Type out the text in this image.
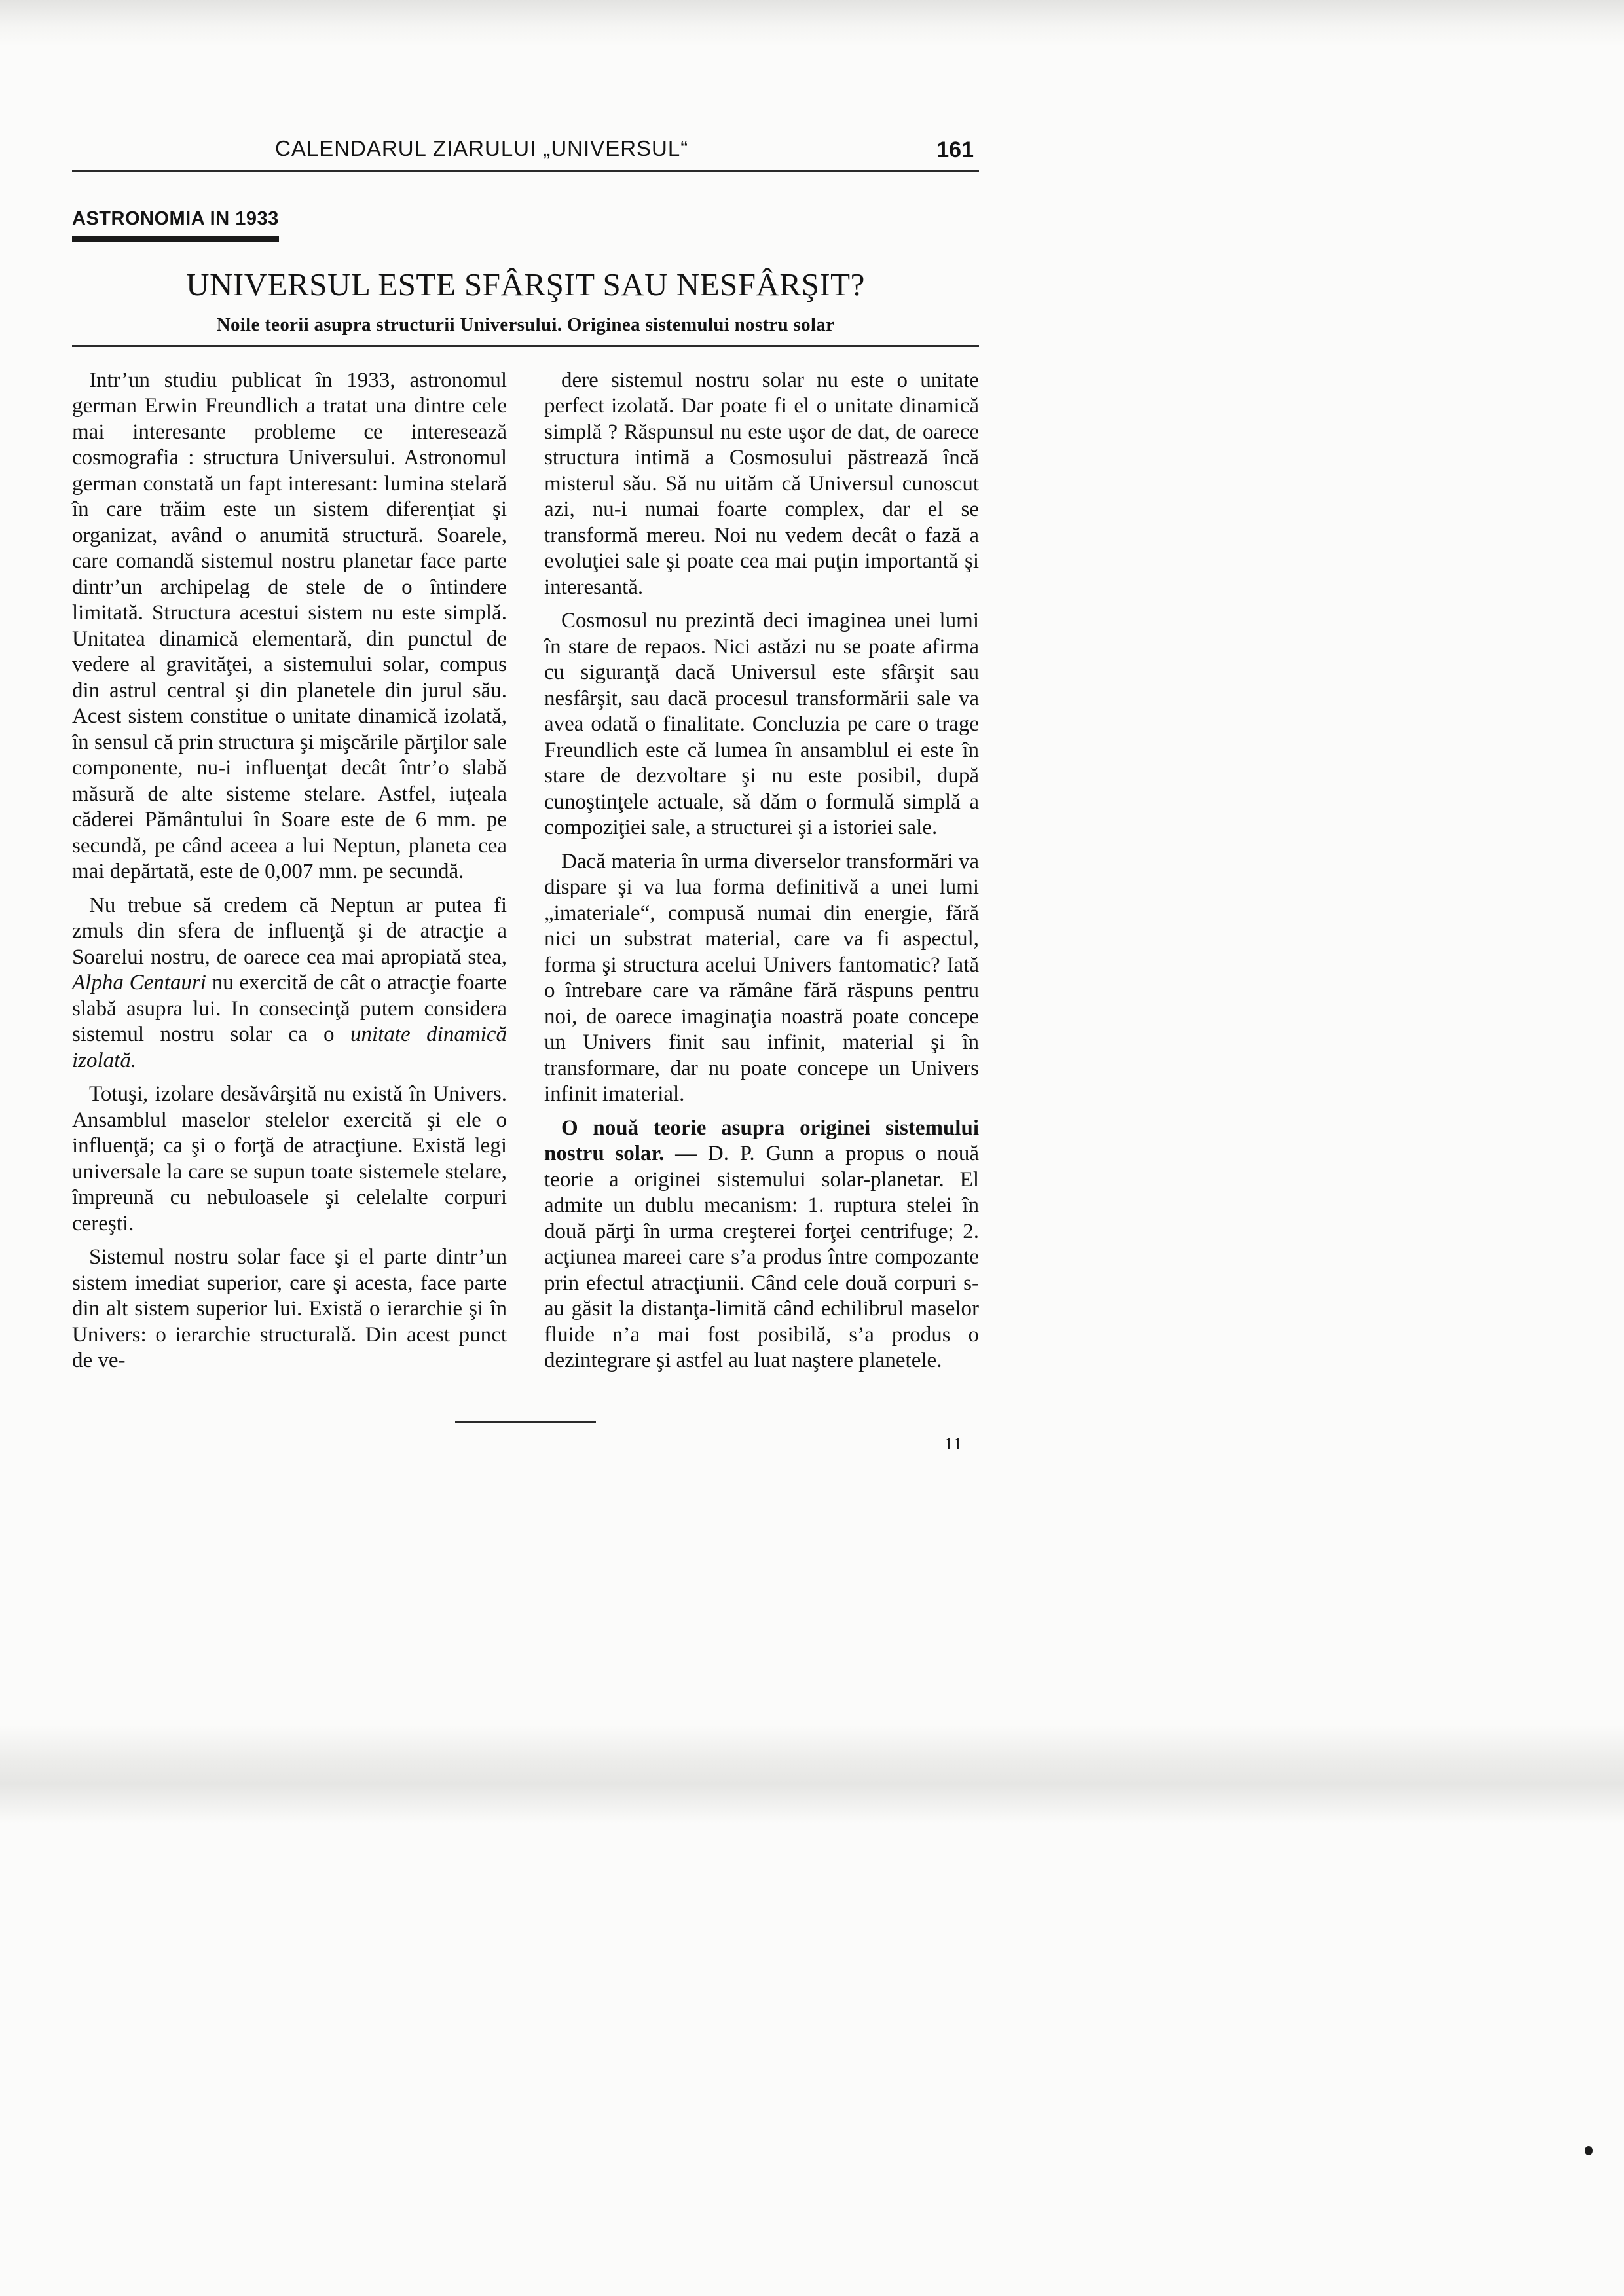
CALENDARUL ZIARULUI „UNIVERSUL“	161
ASTRONOMIA IN 1933
UNIVERSUL ESTE SFÂRŞIT SAU NESFÂRŞIT?
Noile teorii asupra structurii Universului. Originea sistemului nostru solar

Intr’un studiu publicat în 1933, astronomul german Erwin Freundlich a tratat una dintre cele mai interesante probleme ce interesează cosmografia : structura Universului. Astronomul german constată un fapt interesant: lumina stelară în care trăim este un sistem diferenţiat şi organizat, având o anumită structură. Soarele, care comandă sistemul nostru planetar face parte dintr’un archipelag de stele de o întindere limitată. Structura acestui sistem nu este simplă. Unitatea dinamică elementară, din punctul de vedere al gravităţei, a sistemului solar, compus din astrul central şi din planetele din jurul său. Acest sistem constitue o unitate dinamică izolată, în sensul că prin structura şi mişcările părţilor sale componente, nu-i influenţat decât într’o slabă măsură de alte sisteme stelare. Astfel, iuţeala căderei Pământului în Soare este de 6 mm. pe secundă, pe când aceea a lui Neptun, planeta cea mai depărtată, este de 0,007 mm. pe secundă.

Nu trebue să credem că Neptun ar putea fi zmuls din sfera de influenţă şi de atracţie a Soarelui nostru, de oarece cea mai apropiată stea, Alpha Centauri nu exercită de cât o atracţie foarte slabă asupra lui. In consecinţă putem considera sistemul nostru solar ca o unitate dinamică izolată.

Totuşi, izolare desăvârşită nu există în Univers. Ansamblul maselor stelelor exercită şi ele o influenţă; ca şi o forţă de atracţiune. Există legi universale la care se supun toate sistemele stelare, împreună cu nebuloasele şi celelalte corpuri cereşti.

Sistemul nostru solar face şi el parte dintr’un sistem imediat superior, care şi acesta, face parte din alt sistem superior lui. Există o ierarchie şi în Univers: o ierarchie structurală. Din acest punct de ve-

dere sistemul nostru solar nu este o unitate perfect izolată. Dar poate fi el o unitate dinamică simplă ? Răspunsul nu este uşor de dat, de oarece structura intimă a Cosmosului păstrează încă misterul său. Să nu uităm că Universul cunoscut azi, nu-i numai foarte complex, dar el se transformă mereu. Noi nu vedem decât o fază a evoluţiei sale şi poate cea mai puţin importantă şi interesantă.

Cosmosul nu prezintă deci imaginea unei lumi în stare de repaos. Nici astăzi nu se poate afirma cu siguranţă dacă Universul este sfârşit sau nesfârşit, sau dacă procesul transformării sale va avea odată o finalitate. Concluzia pe care o trage Freundlich este că lumea în ansamblul ei este în stare de dezvoltare şi nu este posibil, după cunoştinţele actuale, să dăm o formulă simplă a compoziţiei sale, a structurei şi a istoriei sale.

Dacă materia în urma diverselor transformări va dispare şi va lua forma definitivă a unei lumi „imateriale“, compusă numai din energie, fără nici un substrat material, care va fi aspectul, forma şi structura acelui Univers fantomatic? Iată o întrebare care va rămâne fără răspuns pentru noi, de oarece imaginaţia noastră poate concepe un Univers finit sau infinit, material şi în transformare, dar nu poate concepe un Univers infinit imaterial.

O nouă teorie asupra originei sistemului nostru solar. — D. P. Gunn a propus o nouă teorie a originei sistemului solar-planetar. El admite un dublu mecanism: 1. ruptura stelei în două părţi în urma creşterei forţei centrifuge; 2. acţiunea mareei care s’a produs între compozante prin efectul atracţiunii. Când cele două corpuri s-au găsit la distanţa-limită când echilibrul maselor fluide n’a mai fost posibilă, s’a produs o dezintegrare şi astfel au luat naştere planetele.

11
